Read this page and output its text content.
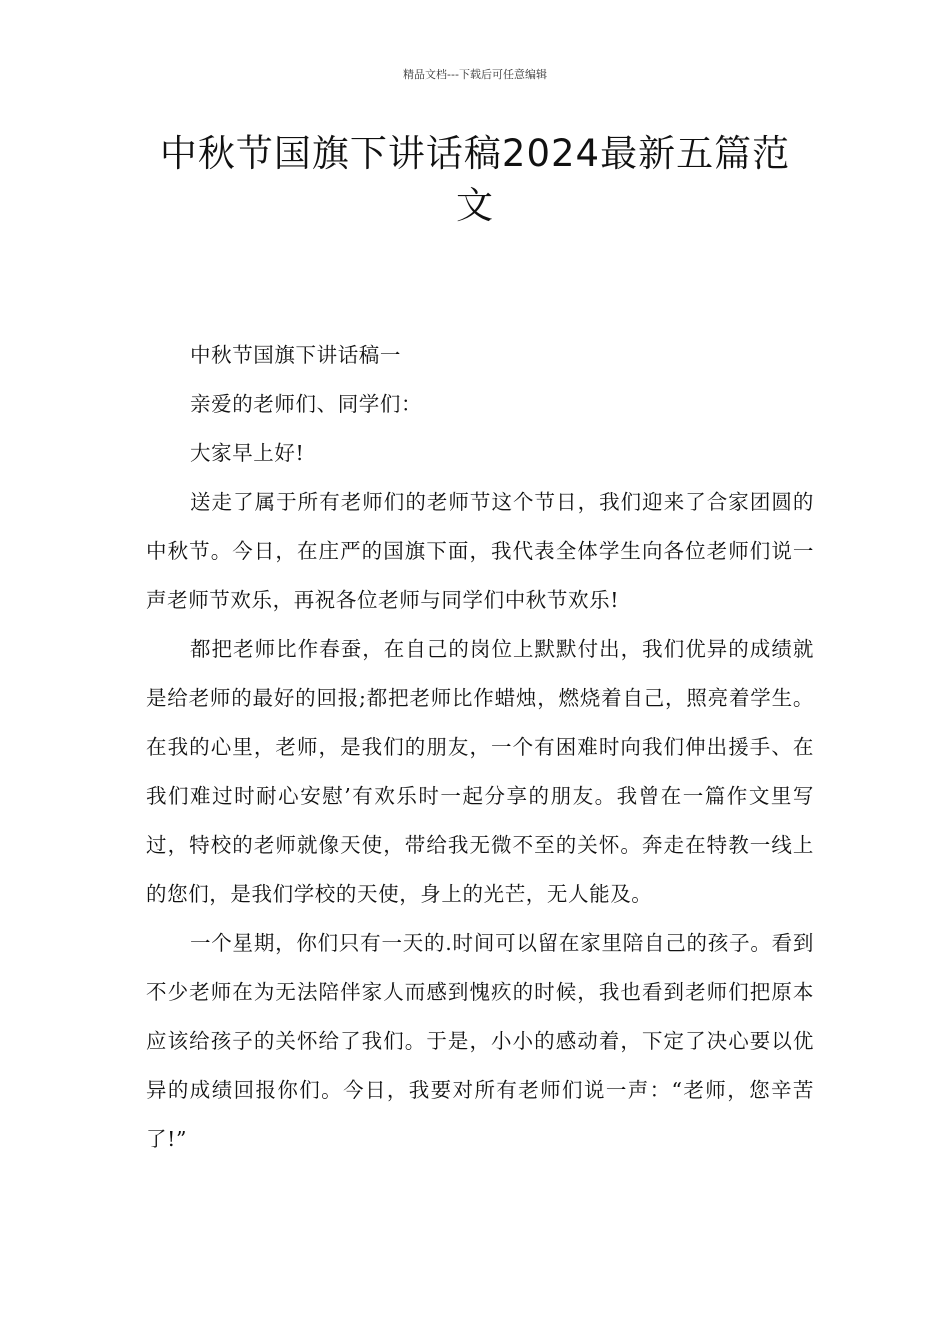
精品文档---下载后可任意编辑
中秋节国旗下讲话稿2024最新五篇范文

中秋节国旗下讲话稿一

亲爱的老师们、同学们：

大家早上好!

送走了属于所有老师们的老师节这个节日，我们迎来了合家团圆的中秋节。今日，在庄严的国旗下面，我代表全体学生向各位老师们说一声老师节欢乐，再祝各位老师与同学们中秋节欢乐!

都把老师比作春蚕，在自己的岗位上默默付出，我们优异的成绩就是给老师的最好的回报;都把老师比作蜡烛，燃烧着自己，照亮着学生。在我的心里，老师，是我们的朋友，一个有困难时向我们伸出援手、在我们难过时耐心安慰’有欢乐时一起分享的朋友。我曾在一篇作文里写过，特校的老师就像天使，带给我无微不至的关怀。奔走在特教一线上的您们，是我们学校的天使，身上的光芒，无人能及。

一个星期，你们只有一天的.时间可以留在家里陪自己的孩子。看到不少老师在为无法陪伴家人而感到愧疚的时候，我也看到老师们把原本应该给孩子的关怀给了我们。于是，小小的感动着，下定了决心要以优异的成绩回报你们。今日，我要对所有老师们说一声：“老师，您辛苦了!”
